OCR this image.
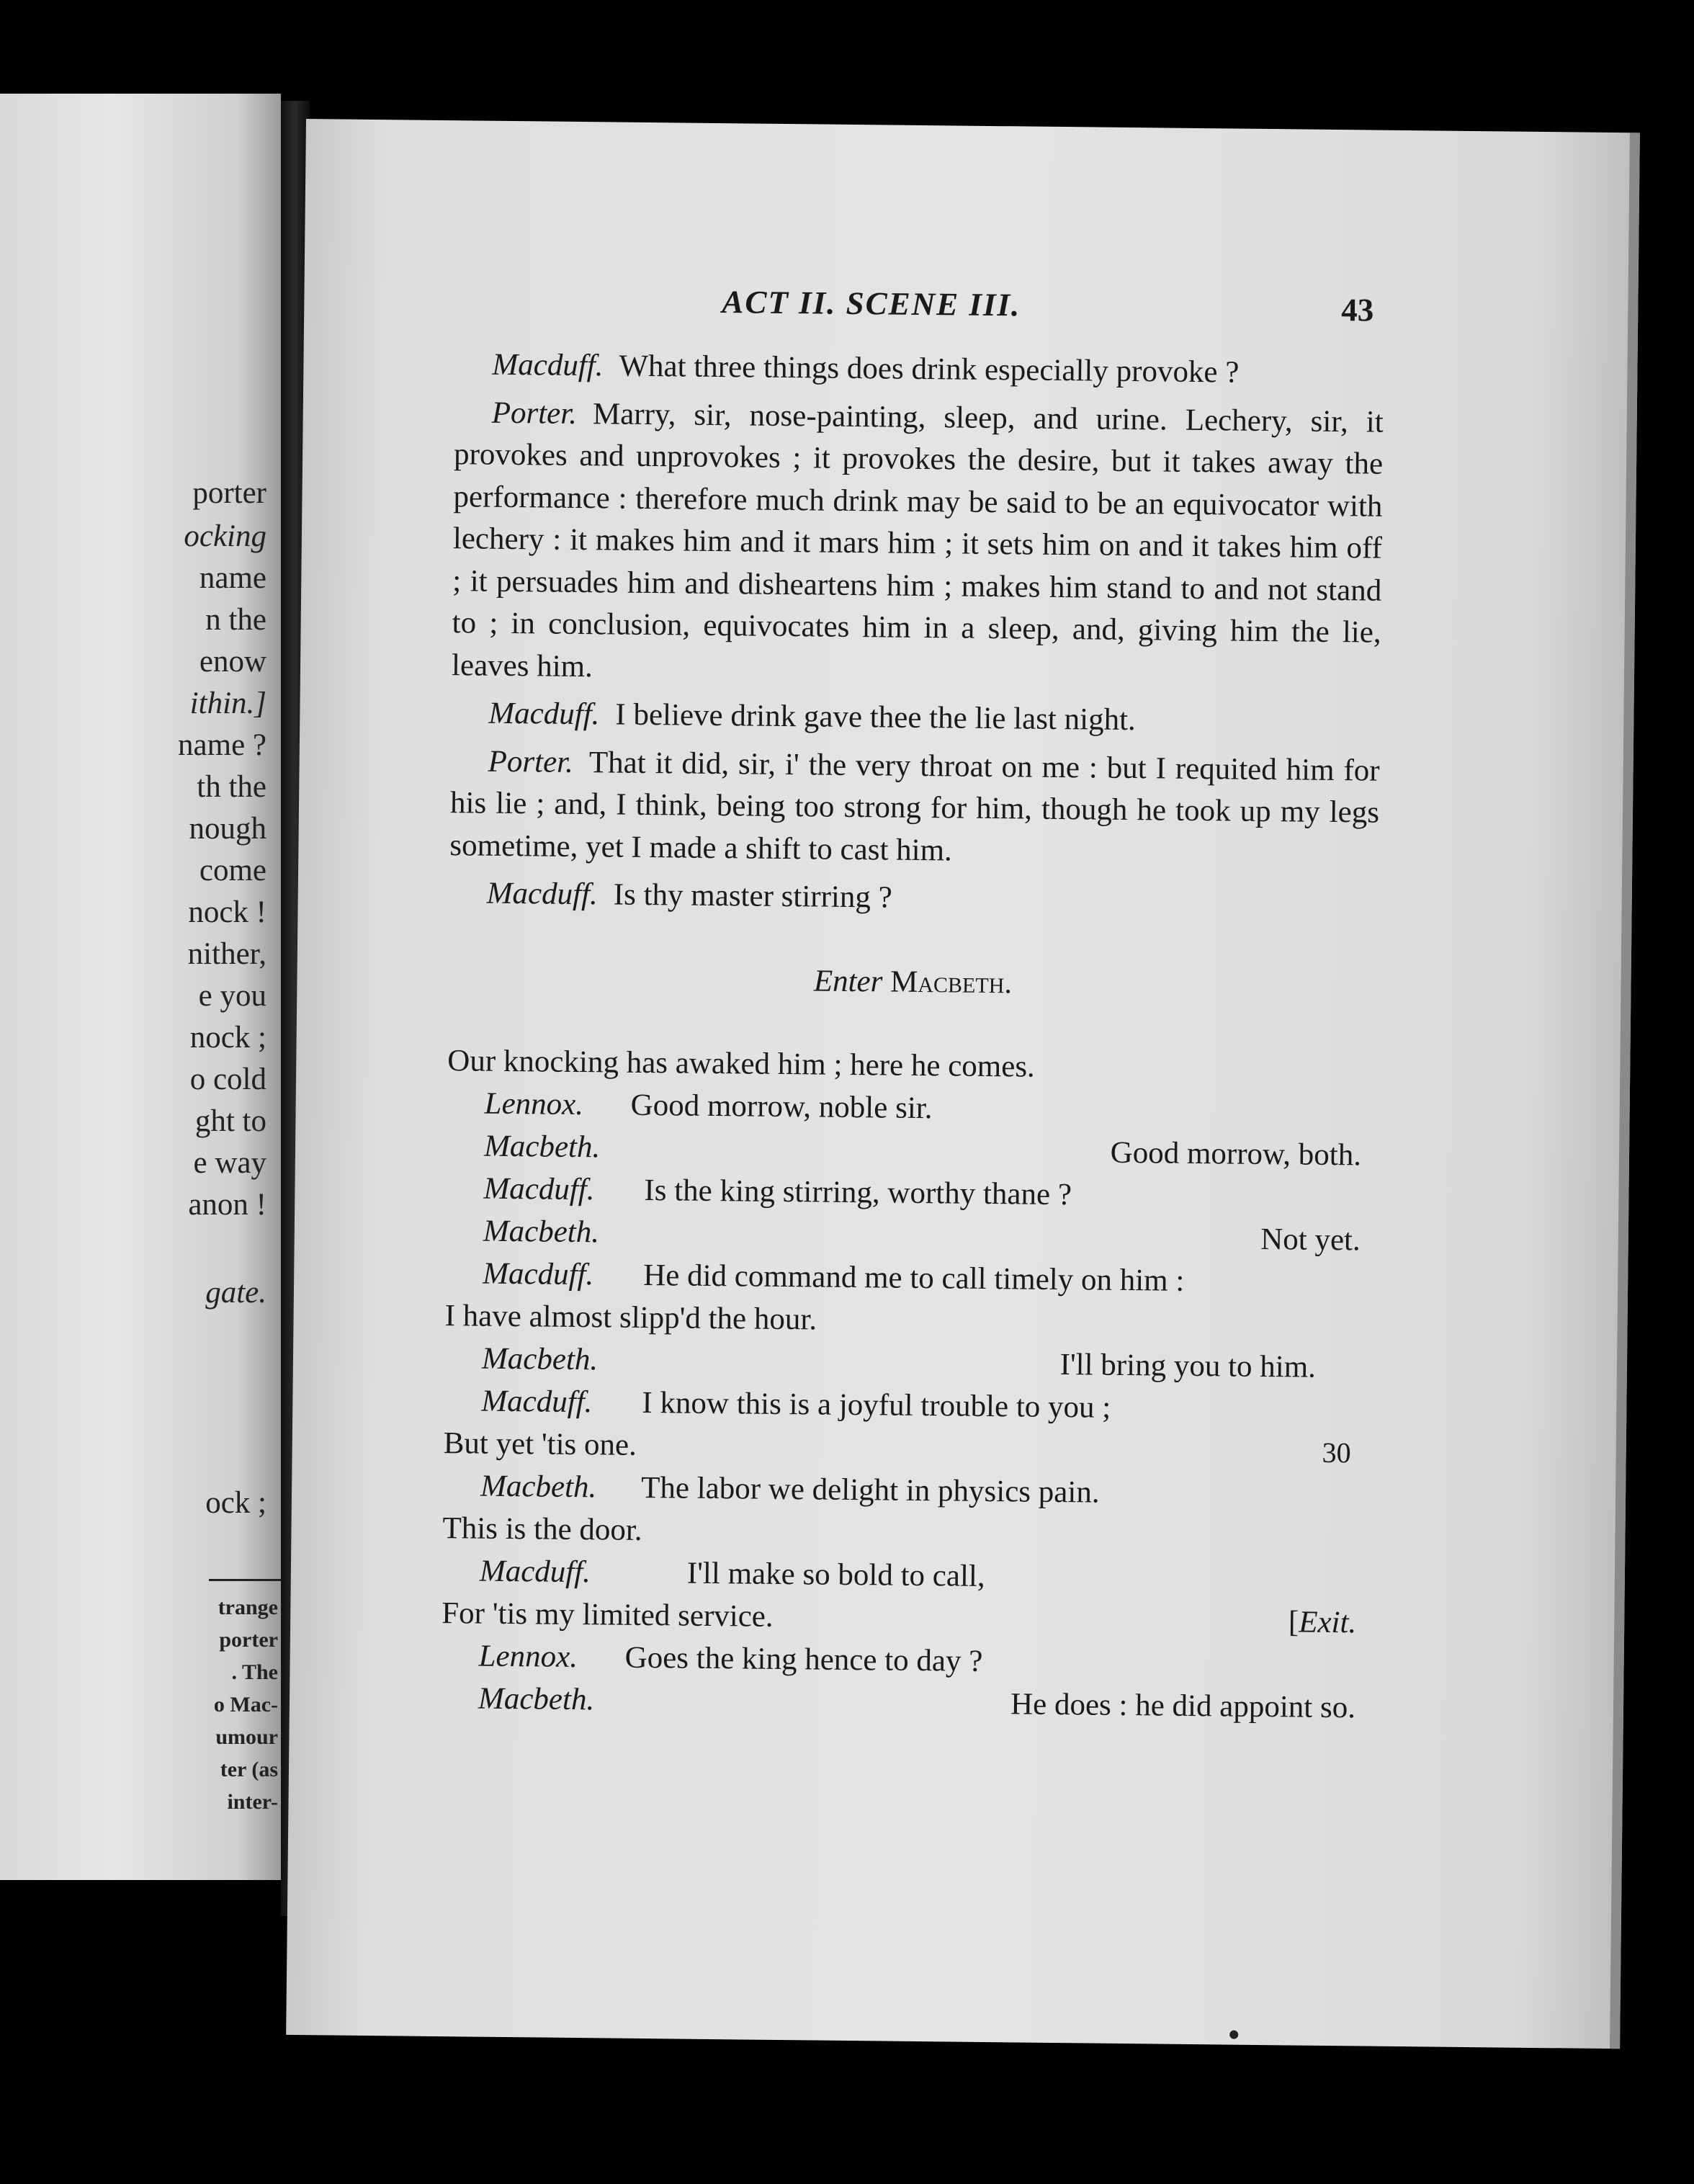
porter
ocking
name
n the
enow
ithin.]
name ?
th the
nough
come
nock !
nither,
e you
nock ;
o cold
ght to
e way
anon !
gate.
ock ;
trange
porter
. The
o Mac-
umour
ter (as
inter-
ACT II. SCENE III.	43

Macduff. What three things does drink especially provoke ?

Porter. Marry, sir, nose-painting, sleep, and urine. Lechery, sir, it provokes and unprovokes ; it provokes the desire, but it takes away the performance : therefore much drink may be said to be an equivocator with lechery : it makes him and it mars him ; it sets him on and it takes him off ; it persuades him and disheartens him ; makes him stand to and not stand to ; in conclusion, equivocates him in a sleep, and, giving him the lie, leaves him.

Macduff. I believe drink gave thee the lie last night.

Porter. That it did, sir, i' the very throat on me : but I requited him for his lie ; and, I think, being too strong for him, though he took up my legs sometime, yet I made a shift to cast him.

Macduff. Is thy master stirring ?

Enter Macbeth.
Our knocking has awaked him ; here he comes.
Lennox. Good morrow, noble sir.
Macbeth.	Good morrow, both.
Macduff. Is the king stirring, worthy thane ?
Macbeth.	Not yet.
Macduff. He did command me to call timely on him :
I have almost slipp'd the hour.
Macbeth.	I'll bring you to him.
Macduff. I know this is a joyful trouble to you ;
But yet 'tis one.	30
Macbeth. The labor we delight in physics pain.
This is the door.
Macduff.	I'll make so bold to call,
For 'tis my limited service.	[Exit.
Lennox. Goes the king hence to day ?
Macbeth.	He does : he did appoint so.
